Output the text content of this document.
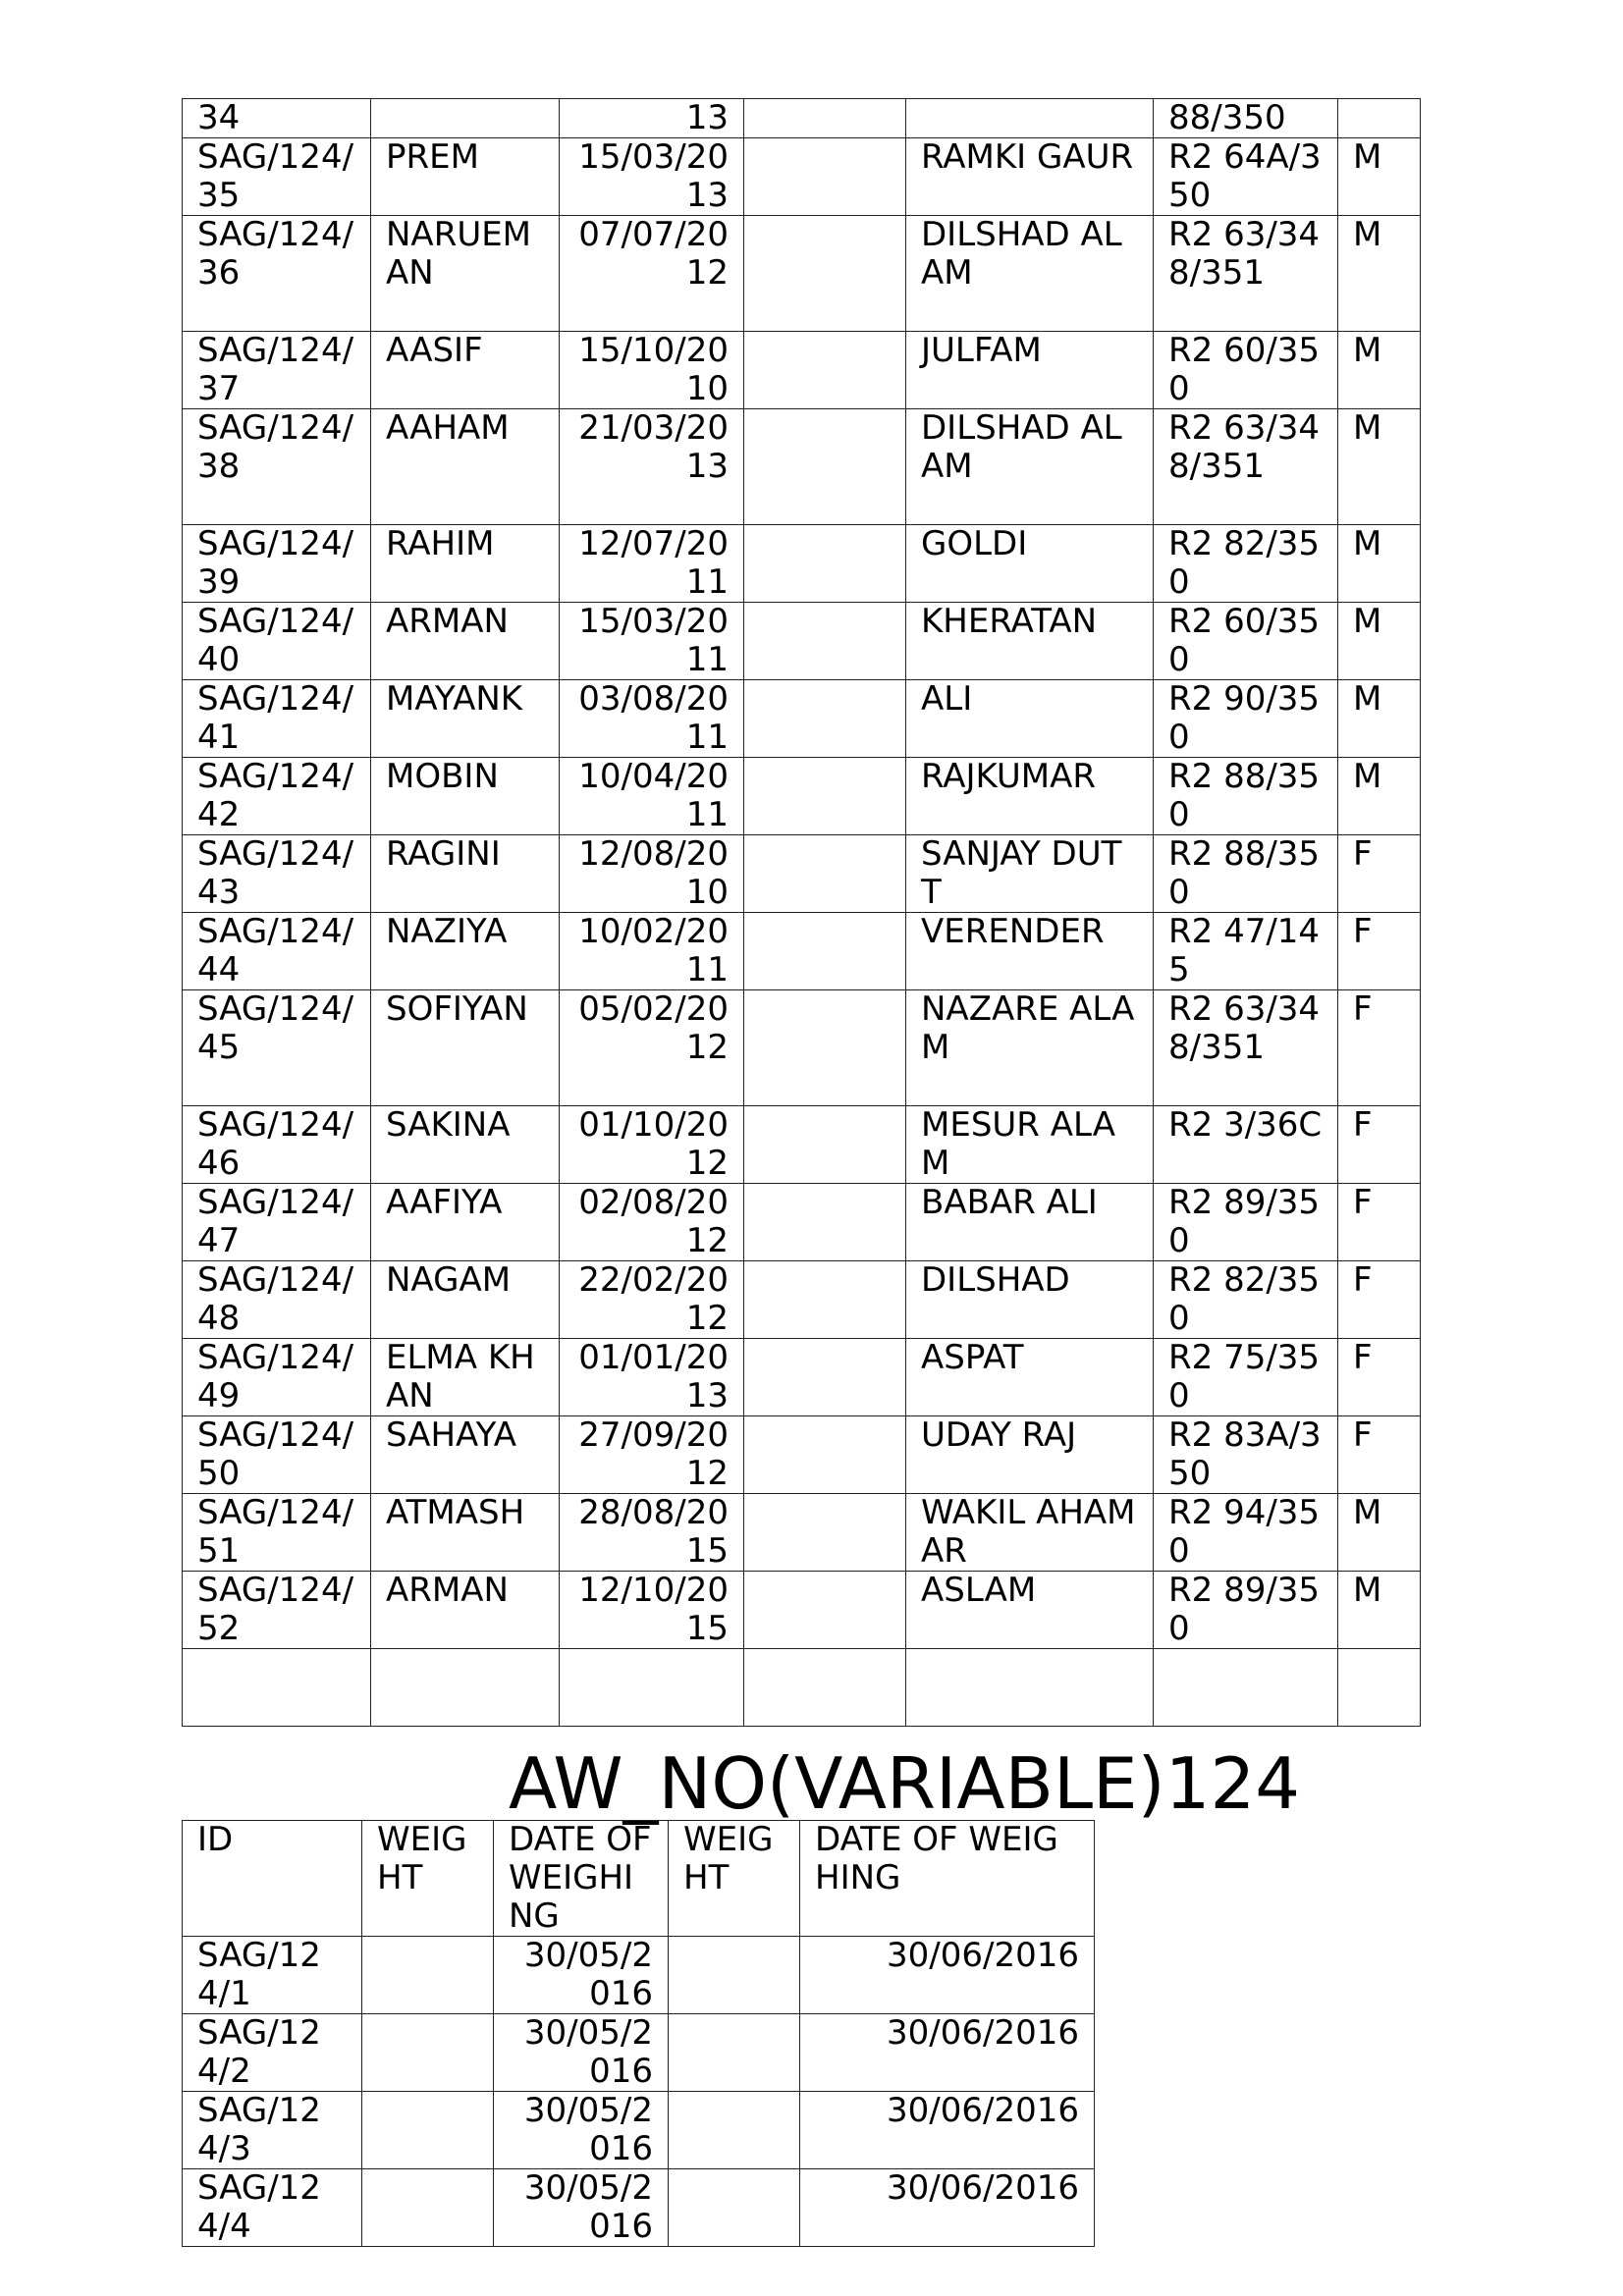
34		13			88/350	
SAG/124/35	PREM	15/03/2013		RAMKI GAUR	R2 64A/350	M
SAG/124/36	NARUEMAN	07/07/2012		DILSHAD ALAM	R2 63/348/351	M
SAG/124/37	AASIF	15/10/2010		JULFAM	R2 60/350	M
SAG/124/38	AAHAM	21/03/2013		DILSHAD ALAM	R2 63/348/351	M
SAG/124/39	RAHIM	12/07/2011		GOLDI	R2 82/350	M
SAG/124/40	ARMAN	15/03/2011		KHERATAN	R2 60/350	M
SAG/124/41	MAYANK	03/08/2011		ALI	R2 90/350	M
SAG/124/42	MOBIN	10/04/2011		RAJKUMAR	R2 88/350	M
SAG/124/43	RAGINI	12/08/2010		SANJAY DUTT	R2 88/350	F
SAG/124/44	NAZIYA	10/02/2011		VERENDER	R2 47/145	F
SAG/124/45	SOFIYAN	05/02/2012		NAZARE ALAM	R2 63/348/351	F
SAG/124/46	SAKINA	01/10/2012		MESUR ALAM	R2 3/36C	F
SAG/124/47	AAFIYA	02/08/2012		BABAR ALI	R2 89/350	F
SAG/124/48	NAGAM	22/02/2012		DILSHAD	R2 82/350	F
SAG/124/49	ELMA KHAN	01/01/2013		ASPAT	R2 75/350	F
SAG/124/50	SAHAYA	27/09/2012		UDAY RAJ	R2 83A/350	F
SAG/124/51	ATMASH	28/08/2015		WAKIL AHAMAR	R2 94/350	M
SAG/124/52	ARMAN	12/10/2015		ASLAM	R2 89/350	M

AW_NO(VARIABLE)124
ID	WEIGHT	DATE OF WEIGHING	WEIGHT	DATE OF WEIGHING
SAG/124/1		30/05/2016		30/06/2016
SAG/124/2		30/05/2016		30/06/2016
SAG/124/3		30/05/2016		30/06/2016
SAG/124/4		30/05/2016		30/06/2016
